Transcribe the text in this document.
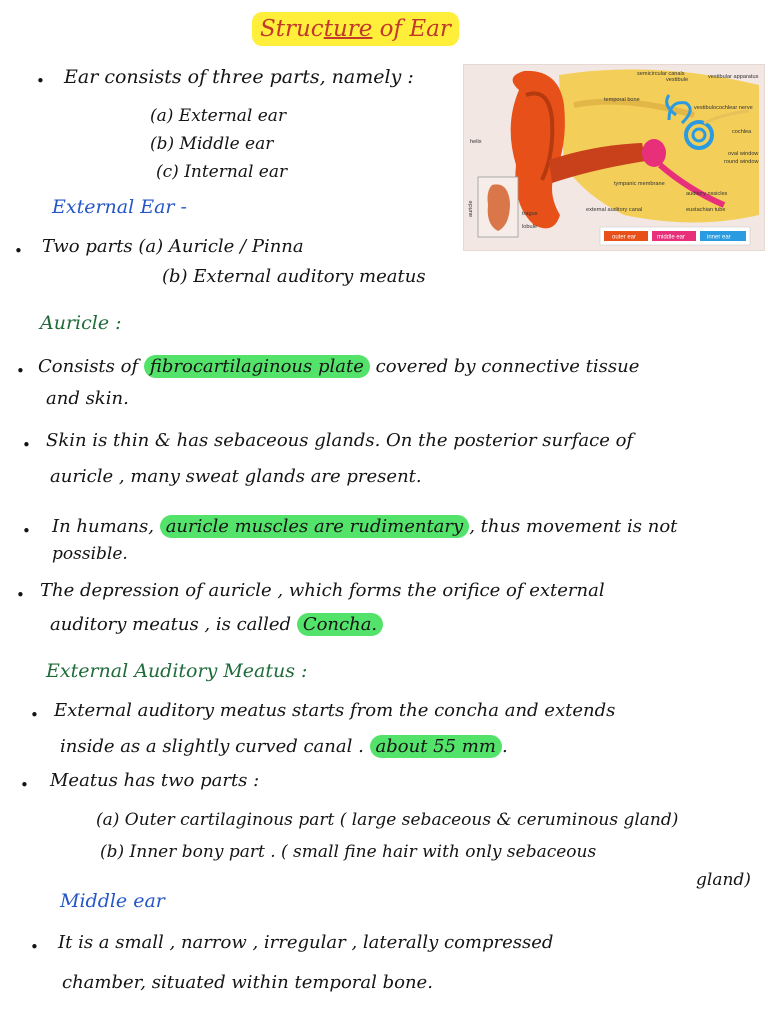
Structure of Ear
• Ear consists of three parts, namely :
(a) External ear
(b) Middle ear
(c) Internal ear
External Ear -
• Two parts (a) Auricle / Pinna
(b) External auditory meatus
Auricle :
• Consists of fibrocartilaginous plate covered by connective tissue
and skin.
• Skin is thin & has sebaceous glands. On the posterior surface of
auricle , many sweat glands are present.
• In humans, auricle muscles are rudimentary , thus movement is not
possible.
• The depression of auricle , which forms the orifice of external
auditory meatus , is called Concha.
External Auditory Meatus :
• External auditory meatus starts from the concha and extends
inside as a slightly curved canal . about 55 mm .
• Meatus has two parts :
(a) Outer cartilaginous part ( large sebaceous & ceruminous gland)
(b) Inner bony part . ( small fine hair with only sebaceous
gland)
Middle ear
• It is a small , narrow , irregular , laterally compressed
chamber, situated within temporal bone.
semicircular canals
vestibule	vestibular apparatus
temporal bone
vestibulocochlear nerve
helix
cochlea
oval window
round window
tympanic membrane
auditory ossicles
auricle	tragus
lobule
external auditory canal	eustachian tube
outer ear	middle ear	inner ear
